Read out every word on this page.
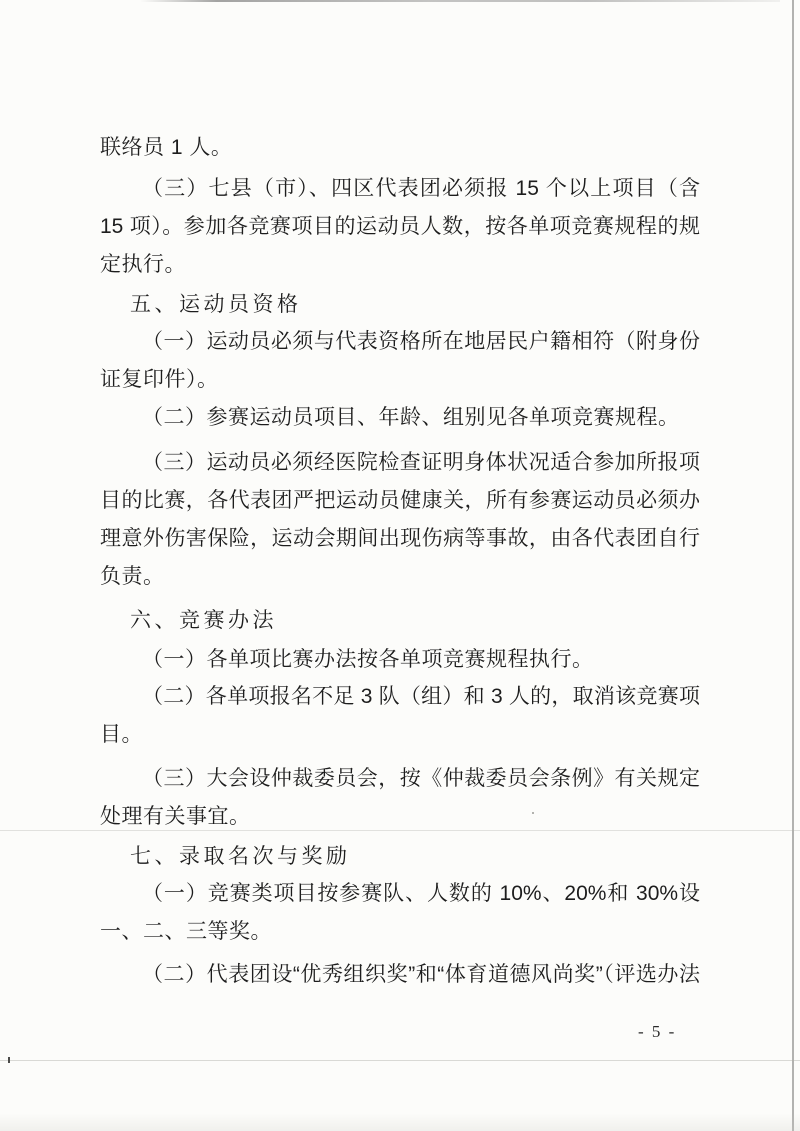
联络员 1 人。
（三）七县（市）、四区代表团必须报 15 个以上项目（含
15 项）。参加各竞赛项目的运动员人数，按各单项竞赛规程的规
定执行。
五、运动员资格
（一）运动员必须与代表资格所在地居民户籍相符（附身份
证复印件）。
（二）参赛运动员项目、年龄、组别见各单项竞赛规程。
（三）运动员必须经医院检查证明身体状况适合参加所报项
目的比赛，各代表团严把运动员健康关，所有参赛运动员必须办
理意外伤害保险，运动会期间出现伤病等事故，由各代表团自行
负责。
六、竞赛办法
（一）各单项比赛办法按各单项竞赛规程执行。
（二）各单项报名不足 3 队（组）和 3 人的，取消该竞赛项
目。
（三）大会设仲裁委员会，按《仲裁委员会条例》有关规定
处理有关事宜。
七、录取名次与奖励
（一）竞赛类项目按参赛队、人数的 10%、20%和 30%设
一、二、三等奖。
（二）代表团设“优秀组织奖”和“体育道德风尚奖”（评选办法
- 5 -
